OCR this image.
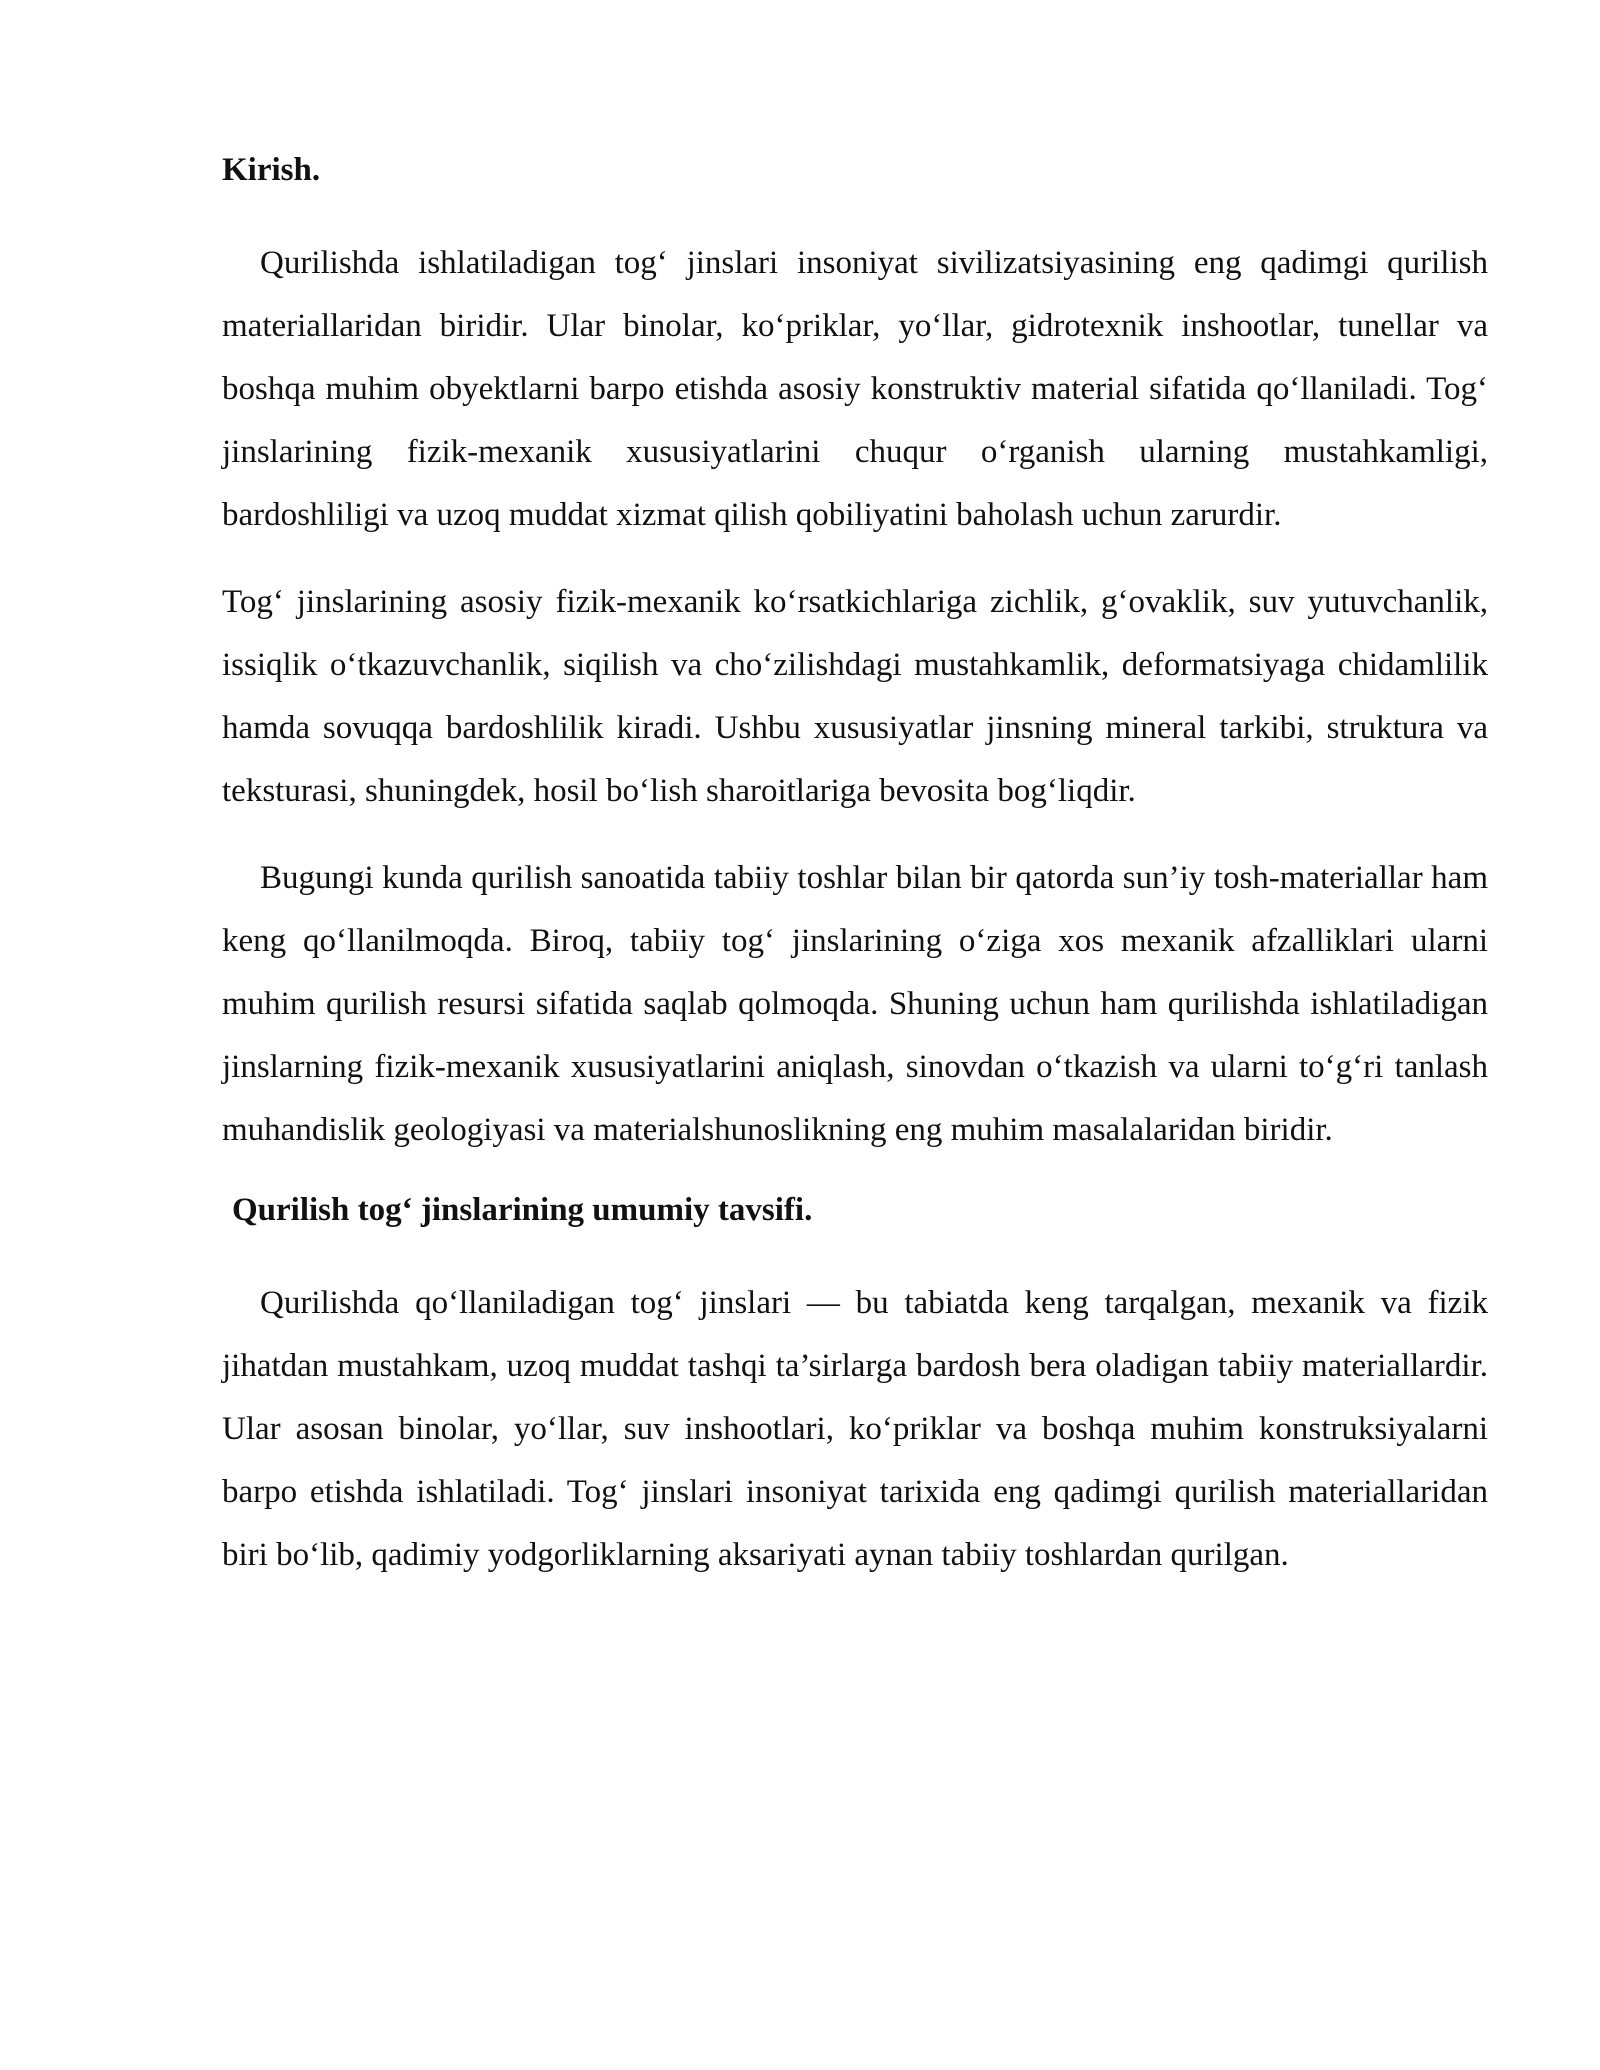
Kirish.

Qurilishda ishlatiladigan tog‘ jinslari insoniyat sivilizatsiyasining eng qadimgi qurilish materiallaridan biridir. Ular binolar, ko‘priklar, yo‘llar, gidrotexnik inshootlar, tunellar va boshqa muhim obyektlarni barpo etishda asosiy konstruktiv material sifatida qo‘llaniladi. Tog‘ jinslarining fizik-mexanik xususiyatlarini chuqur o‘rganish ularning mustahkamligi, bardoshliligi va uzoq muddat xizmat qilish qobiliyatini baholash uchun zarurdir.

Tog‘ jinslarining asosiy fizik-mexanik ko‘rsatkichlariga zichlik, g‘ovaklik, suv yutuvchanlik, issiqlik o‘tkazuvchanlik, siqilish va cho‘zilishdagi mustahkamlik, deformatsiyaga chidamlilik hamda sovuqqa bardoshlilik kiradi. Ushbu xususiyatlar jinsning mineral tarkibi, struktura va teksturasi, shuningdek, hosil bo‘lish sharoitlariga bevosita bog‘liqdir.

Bugungi kunda qurilish sanoatida tabiiy toshlar bilan bir qatorda sun’iy tosh-materiallar ham keng qo‘llanilmoqda. Biroq, tabiiy tog‘ jinslarining o‘ziga xos mexanik afzalliklari ularni muhim qurilish resursi sifatida saqlab qolmoqda. Shuning uchun ham qurilishda ishlatiladigan jinslarning fizik-mexanik xususiyatlarini aniqlash, sinovdan o‘tkazish va ularni to‘g‘ri tanlash muhandislik geologiyasi va materialshunoslikning eng muhim masalalaridan biridir.

Qurilish tog‘ jinslarining umumiy tavsifi.

Qurilishda qo‘llaniladigan tog‘ jinslari — bu tabiatda keng tarqalgan, mexanik va fizik jihatdan mustahkam, uzoq muddat tashqi ta’sirlarga bardosh bera oladigan tabiiy materiallardir. Ular asosan binolar, yo‘llar, suv inshootlari, ko‘priklar va boshqa muhim konstruksiyalarni barpo etishda ishlatiladi. Tog‘ jinslari insoniyat tarixida eng qadimgi qurilish materiallaridan biri bo‘lib, qadimiy yodgorliklarning aksariyati aynan tabiiy toshlardan qurilgan.
